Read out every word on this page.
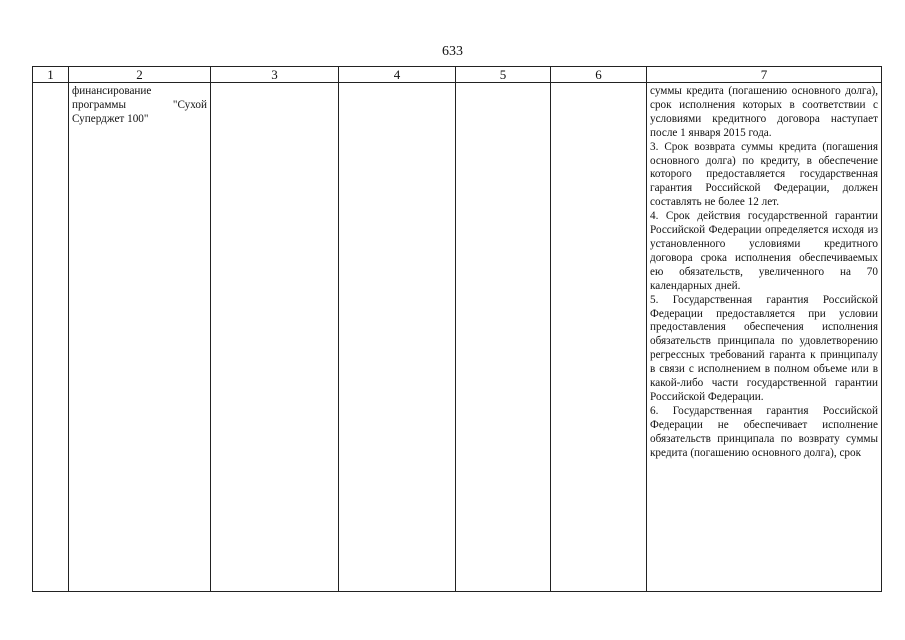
633
1	2	3	4	5	6	7

	финансирование программы "Сухой Суперджет 100"					суммы кредита (погашению основного долга), срок исполнения которых в соответствии с условиями кредитного договора наступает после 1 января 2015 года.

3. Срок возврата суммы кредита (погашения основного долга) по кредиту, в обеспечение которого предоставляется государственная гарантия Российской Федерации, должен составлять не более 12 лет.

4. Срок действия государственной гарантии Российской Федерации определяется исходя из установленного условиями кредитного договора срока исполнения обеспечиваемых ею обязательств, увеличенного на 70 календарных дней.

5. Государственная гарантия Российской Федерации предоставляется при условии предоставления обеспечения исполнения обязательств принципала по удовлетворению регрессных требований гаранта к принципалу в связи с исполнением в полном объеме или в какой-либо части государственной гарантии Российской Федерации.

6. Государственная гарантия Российской Федерации не обеспечивает исполнение обязательств принципала по возврату суммы кредита (погашению основного долга), срок
